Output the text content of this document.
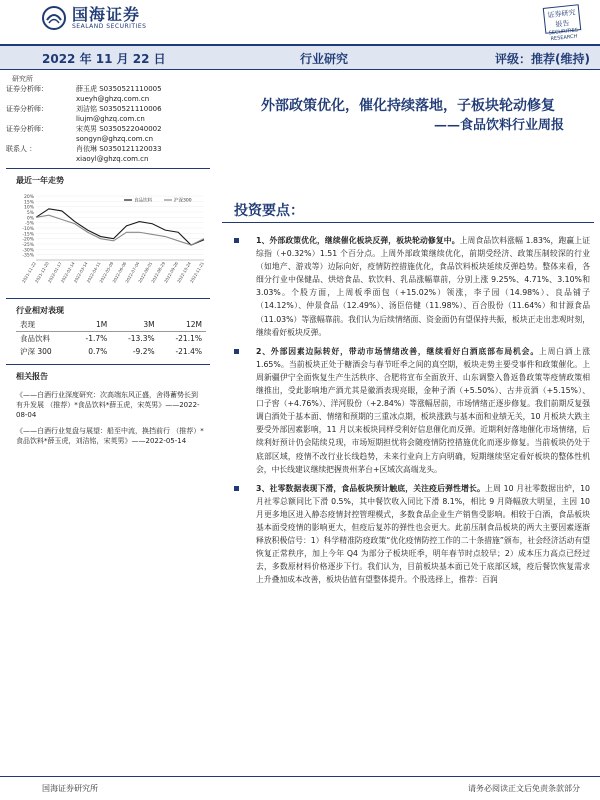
国海证券
SEALAND SECURITIES
证券研究报告
SECURITIES RESEARCH
2022 年 11 月 22 日	行业研究	评级：推荐(维持)
研究所
证券分析师：	薛玉虎 S0350521110005
xueyh@ghzq.com.cn
证券分析师：	刘洁铭 S0350521110006
liujm@ghzq.com.cn
证券分析师：	宋英男 S0350522040002
songyn@ghzq.com.cn
联系人 ：	肖依琳 S0350121120033
xiaoyl@ghzq.com.cn
最近一年走势
20%
15%
10%
5%
0%
-5%
-10%
-15%
-20%
-25%
-30%
-35%
2021-11-22
2021-12-20
2022-01-17
2022-02-14
2022-03-14
2022-04-11
2022-05-09
2022-06-06
2022-07-04
2022-08-01
2022-08-29
2022-09-26
2022-10-24
2022-11-21
食品饮料	沪深300
行业相对表现
表现	1M	3M	12M
食品饮料	-1.7%	-13.3%	-21.1%
沪深 300	0.7%	-9.2%	-21.4%
相关报告

《——白酒行业深度研究：次高端东风正盛，舍得蓄势长到有升发展 （推荐）*食品饮料*薛玉虎，宋英男》——2022-08-04

《——白酒行业复盘与展望：船至中流，换挡前行 （推荐）*食品饮料*薛玉虎，刘洁铭，宋英男》——2022-05-14

外部政策优化，催化持续落地，子板块轮动修复
——食品饮料行业周报
投资要点：
1、外部政策优化，继续催化板块反弹，板块轮动修复中。上周食品饮料涨幅 1.83%，跑赢上证综指（+0.32%）1.51 个百分点。上周外部政策继续优化，前期受经济、政策压制较深的行业（如地产、游戏等）边际向好，疫情防控措施优化，食品饮料板块延续反弹趋势。整体来看，各细分行业中保健品、烘焙食品、软饮料、乳品涨幅靠前，分别上涨 9.25%、4.71%、3.10%和 3.03%。个股方面，上周板季面包（+15.02%）领涨，李子园（14.98%）、良品铺子（14.12%）、仲景食品（12.49%）、汤臣倍健（11.98%）、百合股份（11.64%）和甘源食品（11.03%）等涨幅靠前。我们认为后续情绪面、资金面仍有望保持共振，板块正走出悲观时刻，继续看好板块反弹。
2、外部因素边际转好，带动市场情绪改善，继续看好白酒底部布局机会。上周白酒上涨 1.65%。当前板块正处于糖酒会与春节旺季之间的真空期，板块走势主要受事件和政策催化。上周新疆伊宁全面恢复生产生活秩序、合肥将宣布全面放开、山东调整入鲁返鲁政策等疫情政策相继推出，受此影响地产酒尤其是徽酒表现亮眼，金种子酒（+5.50%）、古井贡酒（+5.15%）、口子窖（+4.76%）、洋河股份（+2.84%）等涨幅居前，市场情绪正逐步修复。我们前期反复强调白酒处于基本面、情绪和预期的三重冰点期，板块涨跌与基本面和业绩无关，10 月板块大跌主要受外部因素影响，11 月以来板块同样受利好信息催化而反弹。近期利好落地催化市场情绪，后续利好预计仍会陆续兑现，市场短期担忧将会随疫情防控措施优化而逐步修复。当前板块仍处于底部区域，疫情不改行业长线趋势，未来行业向上方向明确，短期继续坚定看好板块的整体性机会，中长线建议继续把握贵州茅台+区域次高端龙头。
3、社零数据表现下滑，食品板块预计触底，关注疫后弹性增长。上周 10 月社零数据出炉，10 月社零总额同比下滑 0.5%，其中餐饮收入同比下滑 8.1%，相比 9 月降幅放大明显，主因 10 月更多地区进入静态疫情封控管理模式，多数食品企业生产销售受影响。相较于白酒，食品板块基本面受疫情的影响更大，但疫后复苏的弹性也会更大。此前压制食品板块的两大主要因素逐渐释放积极信号：1）科学精准防疫政策“优化疫情防控工作的二十条措施”颁布，社会经济活动有望恢复正常秩序，加上今年 Q4 为部分子板块旺季，明年春节时点较早；2）成本压力高点已经过去，多数原材料价格逐步下行。我们认为，目前板块基本面已处于底部区域，疫后餐饮恢复需求上升叠加成本改善，板块估值有望整体提升。个股选择上，推荐：百润
国海证券研究所	请务必阅读正文后免责条款部分
